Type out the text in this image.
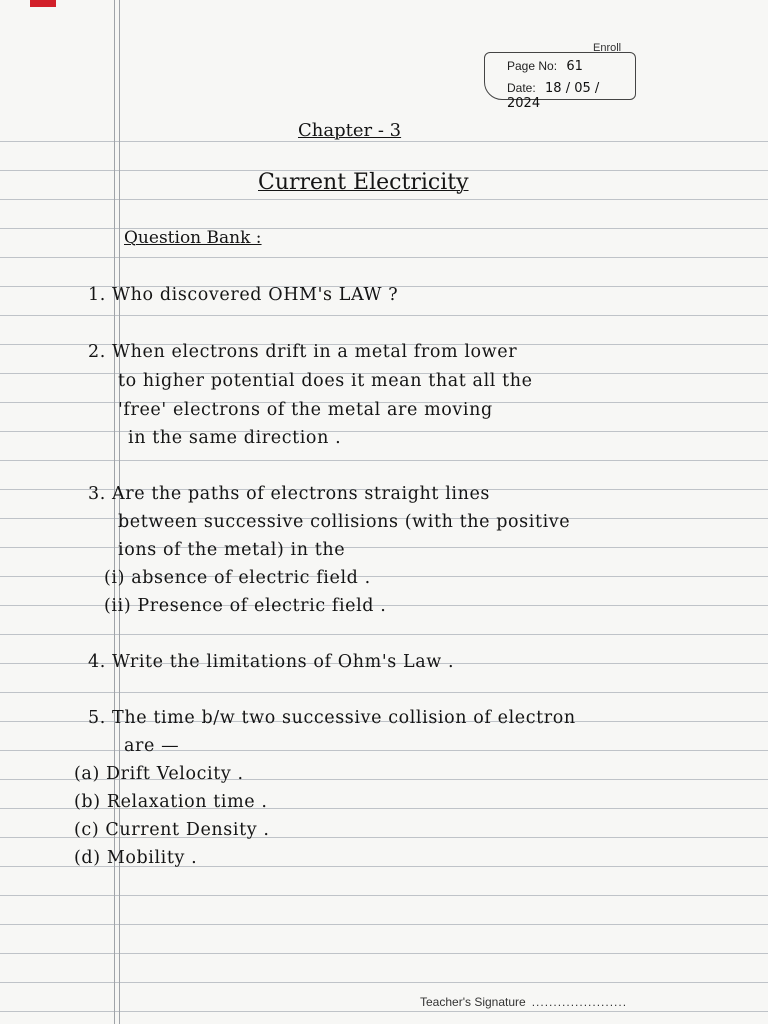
Enroll
Page No: 61
Date: 18 / 05 / 2024
Chapter - 3
Current Electricity
Question Bank :
1. Who discovered OHM's LAW ?
2. When electrons drift in a metal from lower
to higher potential does it mean that all the
'free' electrons of the metal are moving
in the same direction .
3. Are the paths of electrons straight lines
between successive collisions (with the positive
ions of the metal) in the
(i) absence of electric field .
(ii) Presence of electric field .
4. Write the limitations of Ohm's Law .
5. The time b/w two successive collision of electron
are —
(a) Drift Velocity .
(b) Relaxation time .
(c) Current Density .
(d) Mobility .
Teacher's Signature ......................
